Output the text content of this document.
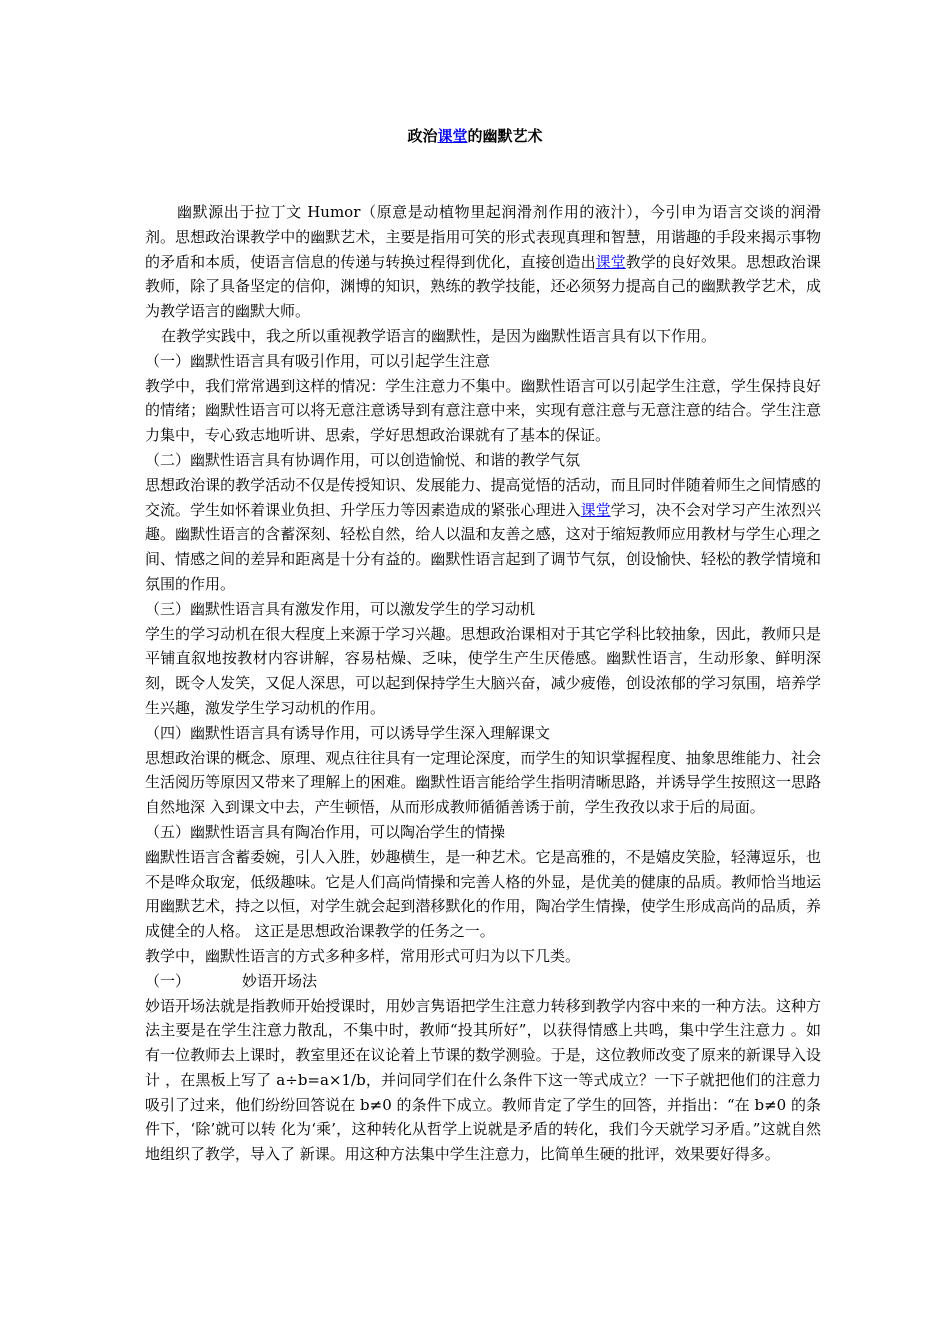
政治课堂的幽默艺术

幽默源出于拉丁文 Humor（原意是动植物里起润滑剂作用的液汁），今引申为语言交谈的润滑剂。思想政治课教学中的幽默艺术，主要是指用可笑的形式表现真理和智慧，用谐趣的手段来揭示事物的矛盾和本质，使语言信息的传递与转换过程得到优化，直接创造出课堂教学的良好效果。思想政治课教师，除了具备坚定的信仰，渊博的知识，熟练的教学技能，还必须努力提高自己的幽默教学艺术，成为教学语言的幽默大师。

在教学实践中，我之所以重视教学语言的幽默性，是因为幽默性语言具有以下作用。

（一）幽默性语言具有吸引作用，可以引起学生注意

教学中，我们常常遇到这样的情况：学生注意力不集中。幽默性语言可以引起学生注意，学生保持良好的情绪；幽默性语言可以将无意注意诱导到有意注意中来，实现有意注意与无意注意的结合。学生注意力集中，专心致志地听讲、思索，学好思想政治课就有了基本的保证。

（二）幽默性语言具有协调作用，可以创造愉悦、和谐的教学气氛

思想政治课的教学活动不仅是传授知识、发展能力、提高觉悟的活动，而且同时伴随着师生之间情感的交流。学生如怀着课业负担、升学压力等因素造成的紧张心理进入课堂学习，决不会对学习产生浓烈兴趣。幽默性语言的含蓄深刻、轻松自然，给人以温和友善之感，这对于缩短教师应用教材与学生心理之间、情感之间的差异和距离是十分有益的。幽默性语言起到了调节气氛，创设愉快、轻松的教学情境和氛围的作用。

（三）幽默性语言具有激发作用，可以激发学生的学习动机

学生的学习动机在很大程度上来源于学习兴趣。思想政治课相对于其它学科比较抽象，因此，教师只是平铺直叙地按教材内容讲解，容易枯燥、乏味，使学生产生厌倦感。幽默性语言，生动形象、鲜明深刻，既令人发笑，又促人深思，可以起到保持学生大脑兴奋，减少疲倦，创设浓郁的学习氛围，培养学生兴趣，激发学生学习动机的作用。

（四）幽默性语言具有诱导作用，可以诱导学生深入理解课文

思想政治课的概念、原理、观点往往具有一定理论深度，而学生的知识掌握程度、抽象思维能力、社会生活阅历等原因又带来了理解上的困难。幽默性语言能给学生指明清晰思路，并诱导学生按照这一思路自然地深 入到课文中去，产生顿悟，从而形成教师循循善诱于前，学生孜孜以求于后的局面。

（五）幽默性语言具有陶冶作用，可以陶冶学生的情操

幽默性语言含蓄委婉，引人入胜，妙趣横生，是一种艺术。它是高雅的，不是嬉皮笑脸，轻薄逗乐，也不是哗众取宠，低级趣味。它是人们高尚情操和完善人格的外显，是优美的健康的品质。教师恰当地运用幽默艺术，持之以恒，对学生就会起到潜移默化的作用，陶冶学生情操，使学生形成高尚的品质，养成健全的人格。 这正是思想政治课教学的任务之一。

教学中，幽默性语言的方式多种多样，常用形式可归为以下几类。

（一）	妙语开场法

妙语开场法就是指教师开始授课时，用妙言隽语把学生注意力转移到教学内容中来的一种方法。这种方法主要是在学生注意力散乱，不集中时，教师“投其所好”，以获得情感上共鸣，集中学生注意力 。如有一位教师去上课时，教室里还在议论着上节课的数学测验。于是，这位教师改变了原来的新课导入设计 ，在黑板上写了 a÷b=a×1/b，并问同学们在什么条件下这一等式成立？一下子就把他们的注意力吸引了过来，他们纷纷回答说在 b≠0 的条件下成立。教师肯定了学生的回答，并指出：“在 b≠0 的条件下，‘除’就可以转 化为‘乘’，这种转化从哲学上说就是矛盾的转化，我们今天就学习矛盾。”这就自然地组织了教学，导入了 新课。用这种方法集中学生注意力，比简单生硬的批评，效果要好得多。
